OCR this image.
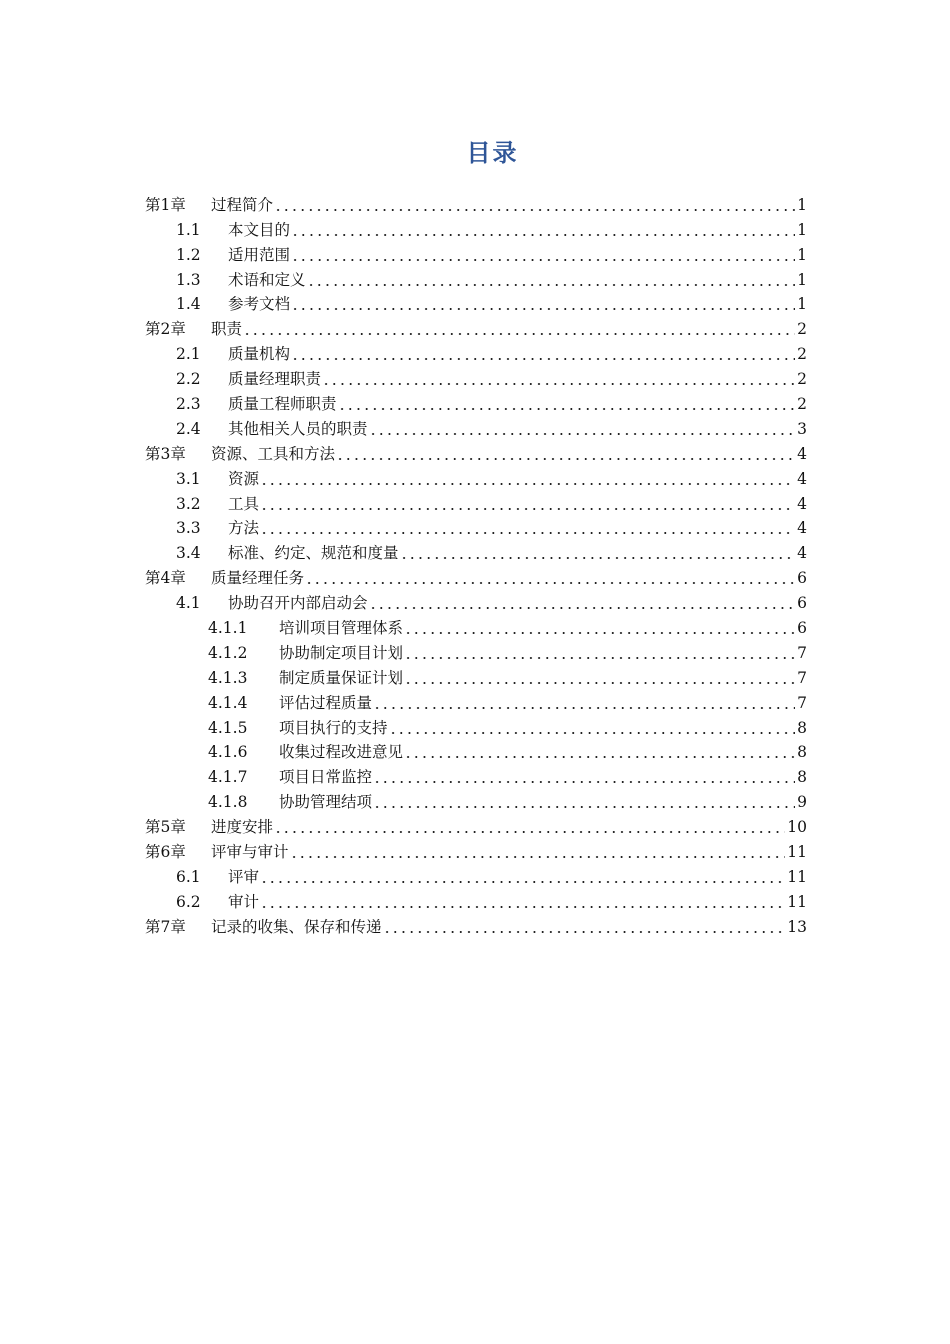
目录
第1章	过程简介	1
1.1	本文目的	1
1.2	适用范围	1
1.3	术语和定义	1
1.4	参考文档	1
第2章	职责	2
2.1	质量机构	2
2.2	质量经理职责	2
2.3	质量工程师职责	2
2.4	其他相关人员的职责	3
第3章	资源、工具和方法	4
3.1	资源	4
3.2	工具	4
3.3	方法	4
3.4	标准、约定、规范和度量	4
第4章	质量经理任务	6
4.1	协助召开内部启动会	6
4.1.1	培训项目管理体系	6
4.1.2	协助制定项目计划	7
4.1.3	制定质量保证计划	7
4.1.4	评估过程质量	7
4.1.5	项目执行的支持	8
4.1.6	收集过程改进意见	8
4.1.7	项目日常监控	8
4.1.8	协助管理结项	9
第5章	进度安排	10
第6章	评审与审计	11
6.1	评审	11
6.2	审计	11
第7章	记录的收集、保存和传递	13
